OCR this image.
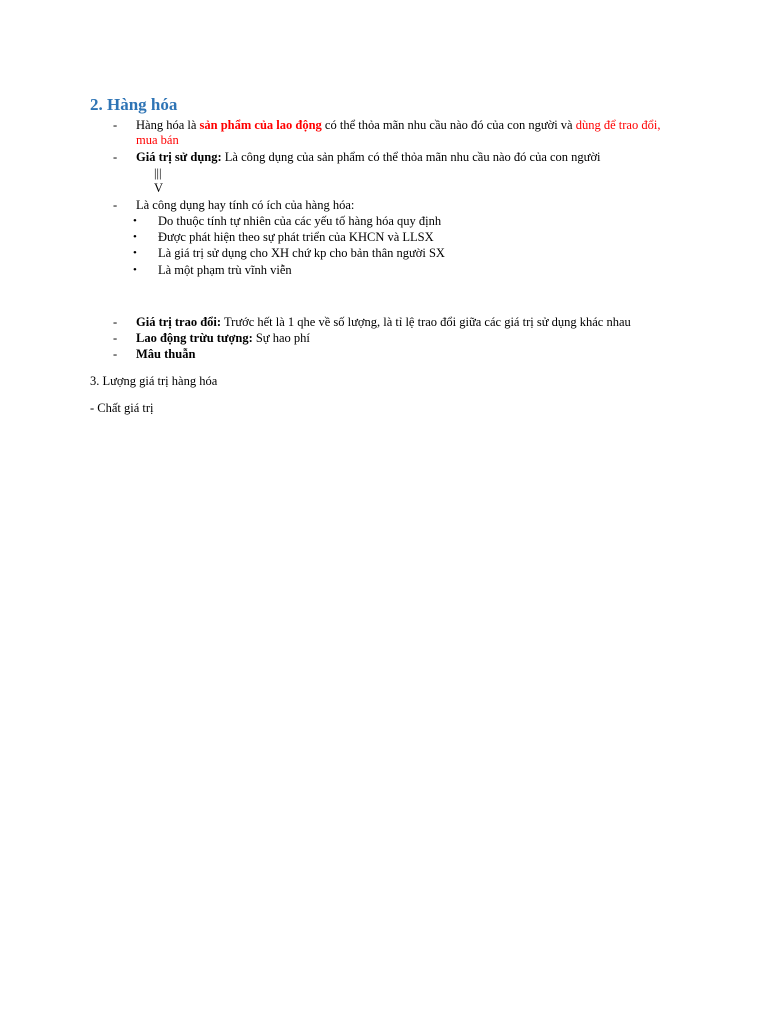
2. Hàng hóa
-	Hàng hóa là sản phẩm của lao động có thể thỏa mãn nhu cầu nào đó của con người và dùng để trao đổi,
mua bán
-	Giá trị sử dụng: Là công dụng của sản phẩm có thể thỏa mãn nhu cầu nào đó của con người
|||
V
-	Là công dụng hay tính có ích của hàng hóa:
• Do thuộc tính tự nhiên của các yếu tố hàng hóa quy định
• Được phát hiện theo sự phát triển của KHCN và LLSX
• Là giá trị sử dụng cho XH chứ kp cho bản thân người SX
• Là một phạm trù vĩnh viễn
-	Giá trị trao đổi: Trước hết là 1 qhe về số lượng, là tỉ lệ trao đổi giữa các giá trị sử dụng khác nhau
-	Lao động trừu tượng: Sự hao phí
-	Mâu thuẫn
3. Lượng giá trị hàng hóa
- Chất giá trị
